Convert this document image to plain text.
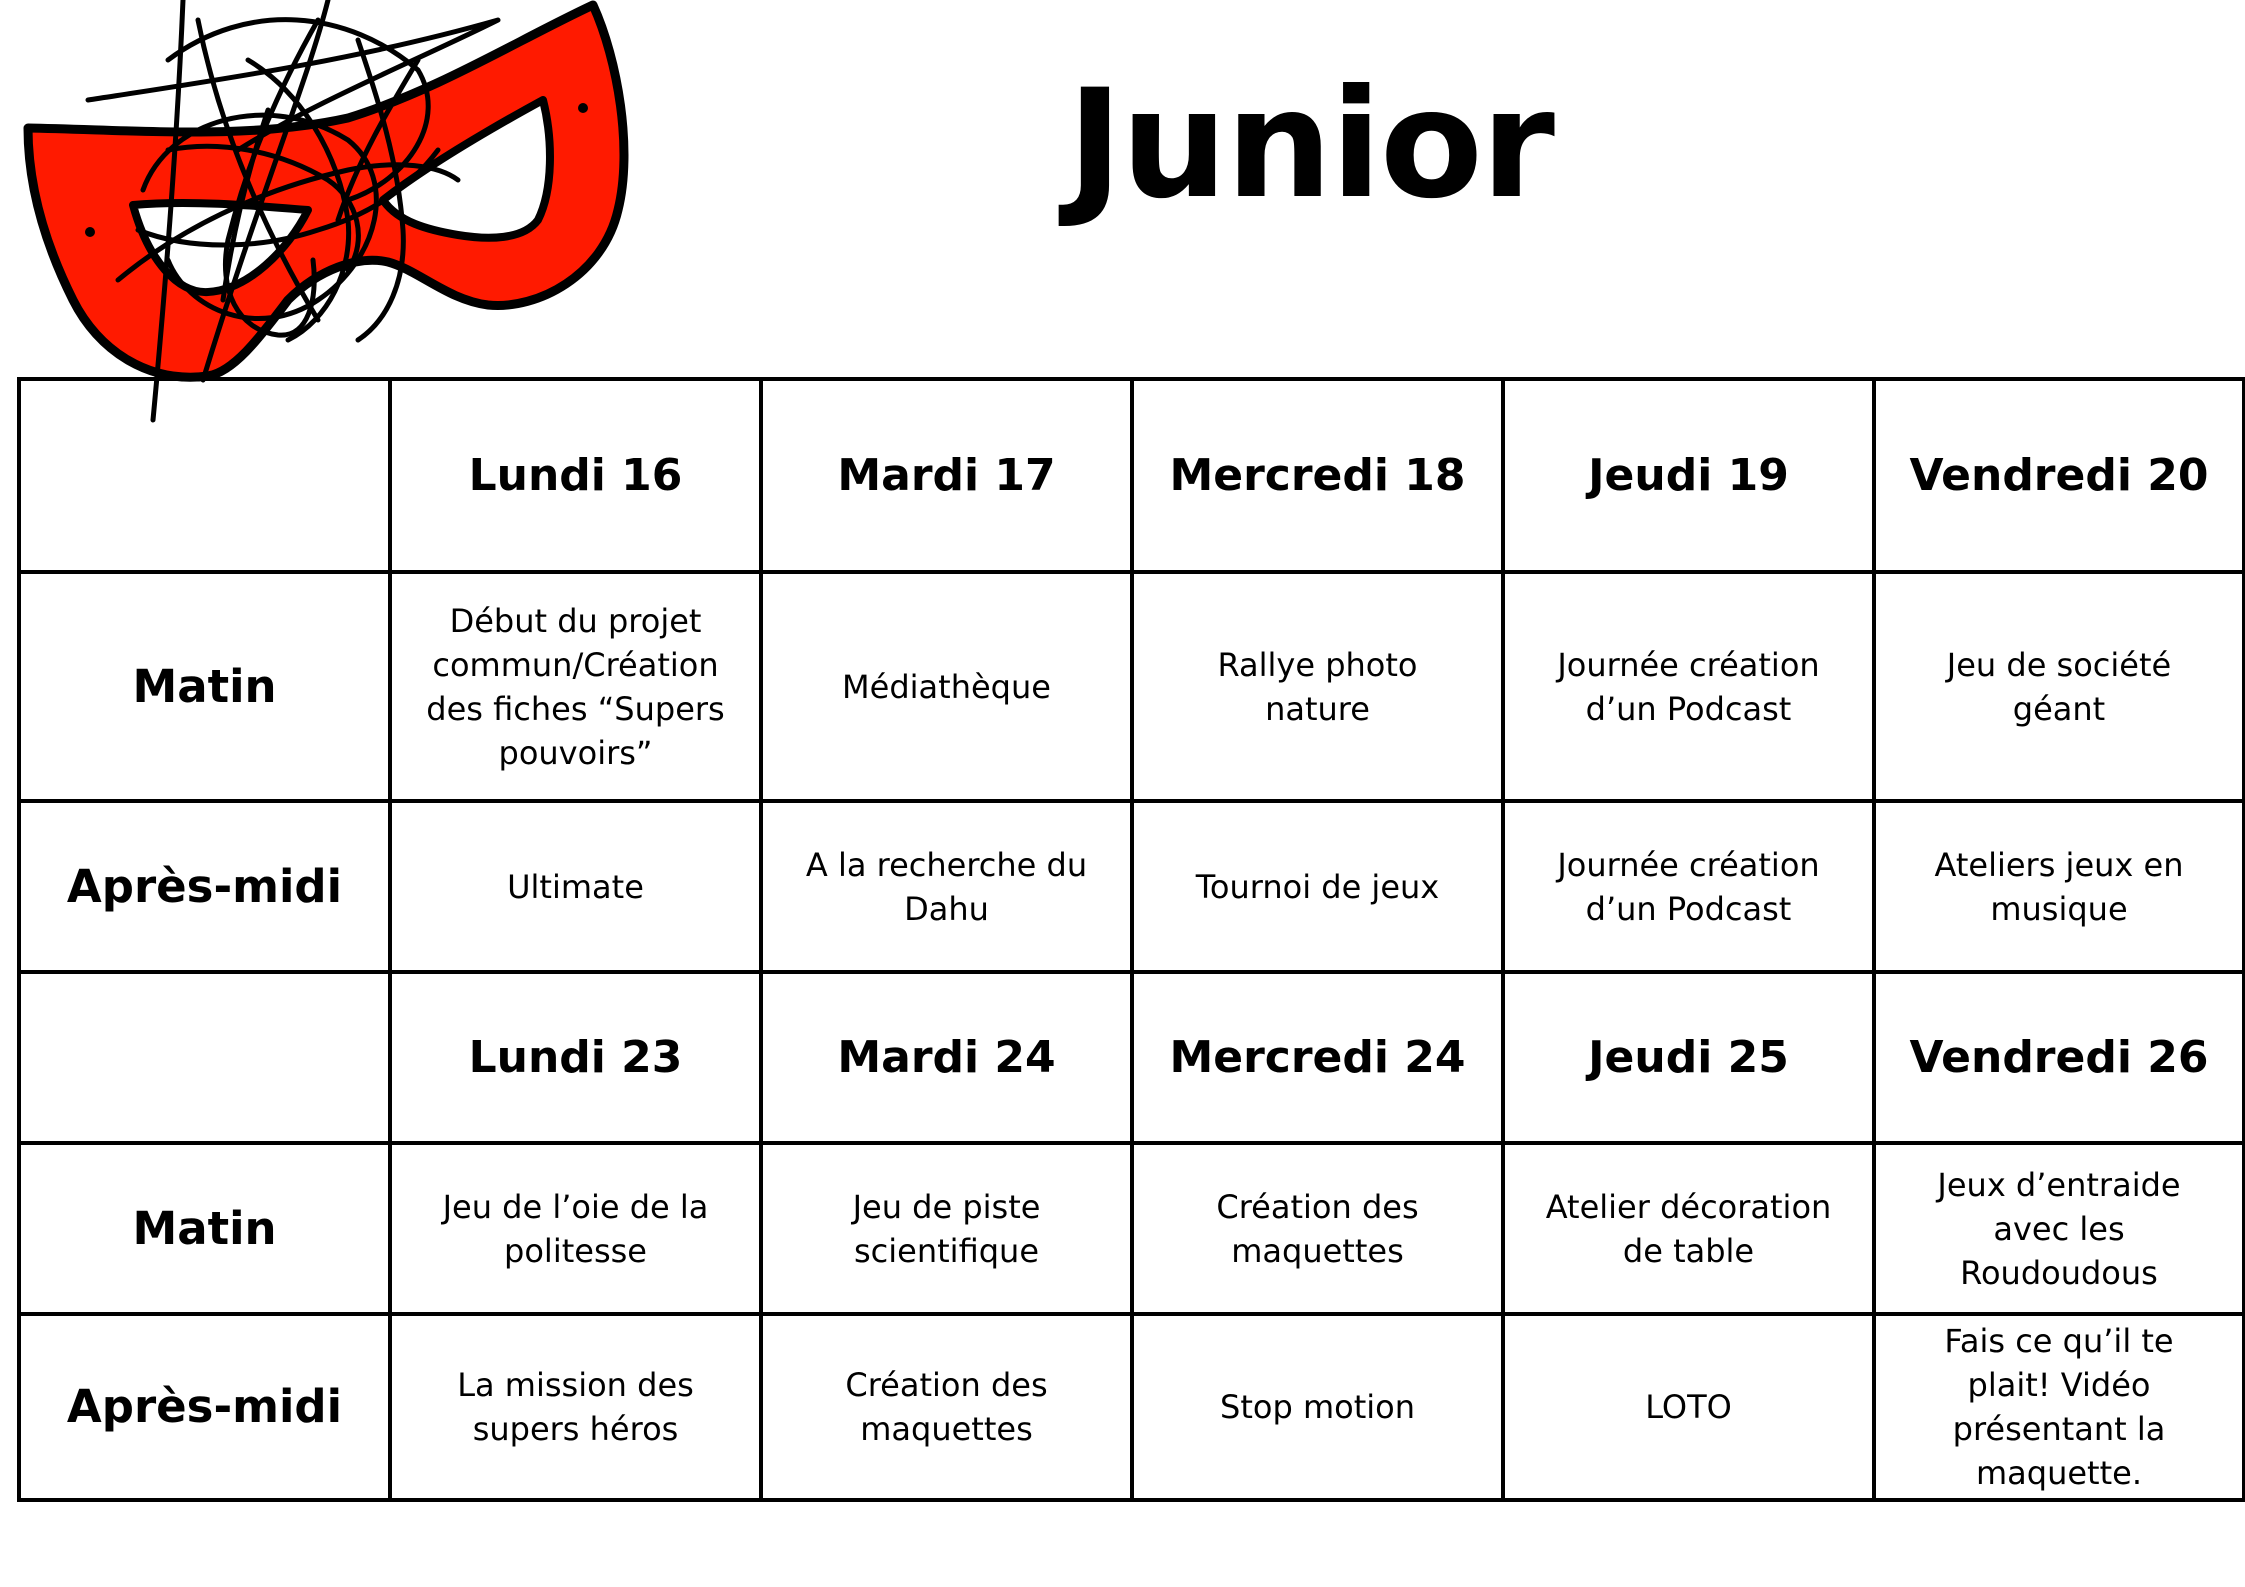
Junior
	Lundi 16	Mardi 17	Mercredi 18	Jeudi 19	Vendredi 20
Matin	Début du projet commun/Création des fiches “Supers pouvoirs”	Médiathèque	Rallye photo nature	Journée création d’un Podcast	Jeu de société géant
Après-midi	Ultimate	A la recherche du Dahu	Tournoi de jeux	Journée création d’un Podcast	Ateliers jeux en musique
	Lundi 23	Mardi 24	Mercredi 24	Jeudi 25	Vendredi 26
Matin	Jeu de l’oie de la politesse	Jeu de piste scientifique	Création des maquettes	Atelier décoration de table	Jeux d’entraide avec les Roudoudous
Après-midi	La mission des supers héros	Création des maquettes	Stop motion	LOTO	Fais ce qu’il te plait! Vidéo présentant la maquette.
